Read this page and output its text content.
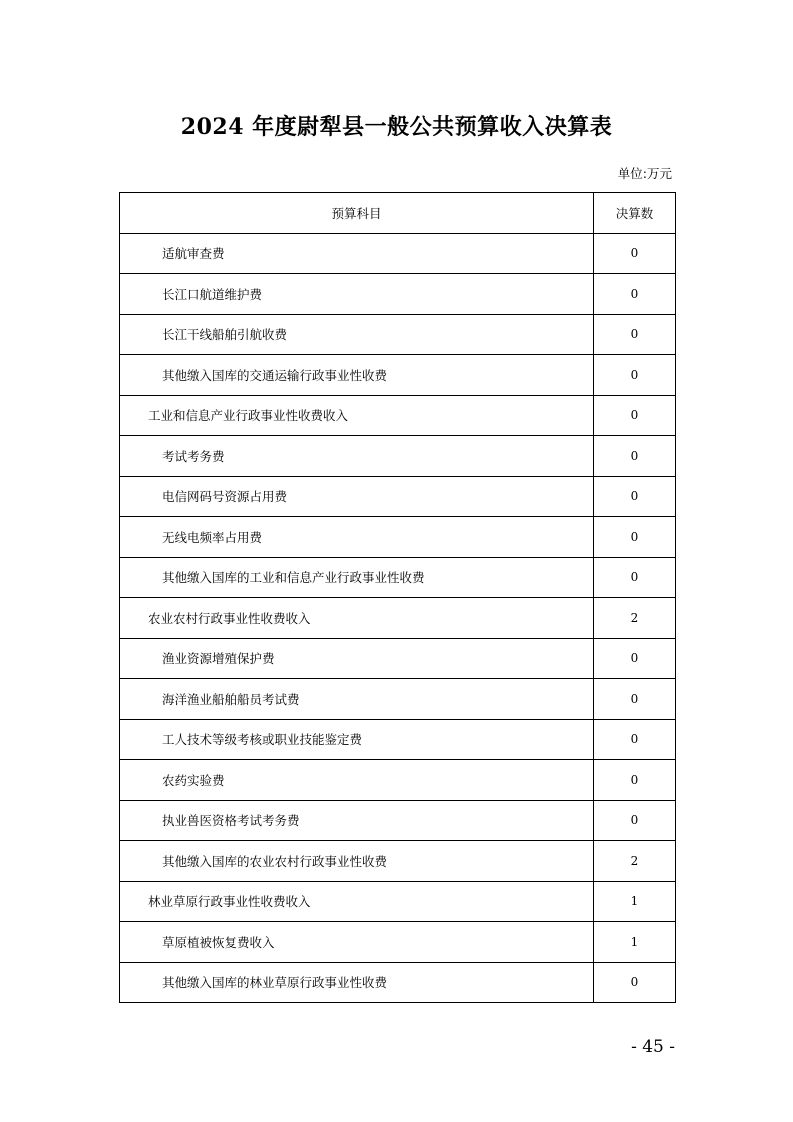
2024 年度尉犁县一般公共预算收入决算表
单位:万元
预算科目	决算数
适航审查费	0
长江口航道维护费	0
长江干线船舶引航收费	0
其他缴入国库的交通运输行政事业性收费	0
工业和信息产业行政事业性收费收入	0
考试考务费	0
电信网码号资源占用费	0
无线电频率占用费	0
其他缴入国库的工业和信息产业行政事业性收费	0
农业农村行政事业性收费收入	2
渔业资源增殖保护费	0
海洋渔业船舶船员考试费	0
工人技术等级考核或职业技能鉴定费	0
农药实验费	0
执业兽医资格考试考务费	0
其他缴入国库的农业农村行政事业性收费	2
林业草原行政事业性收费收入	1
草原植被恢复费收入	1
其他缴入国库的林业草原行政事业性收费	0
- 45 -
